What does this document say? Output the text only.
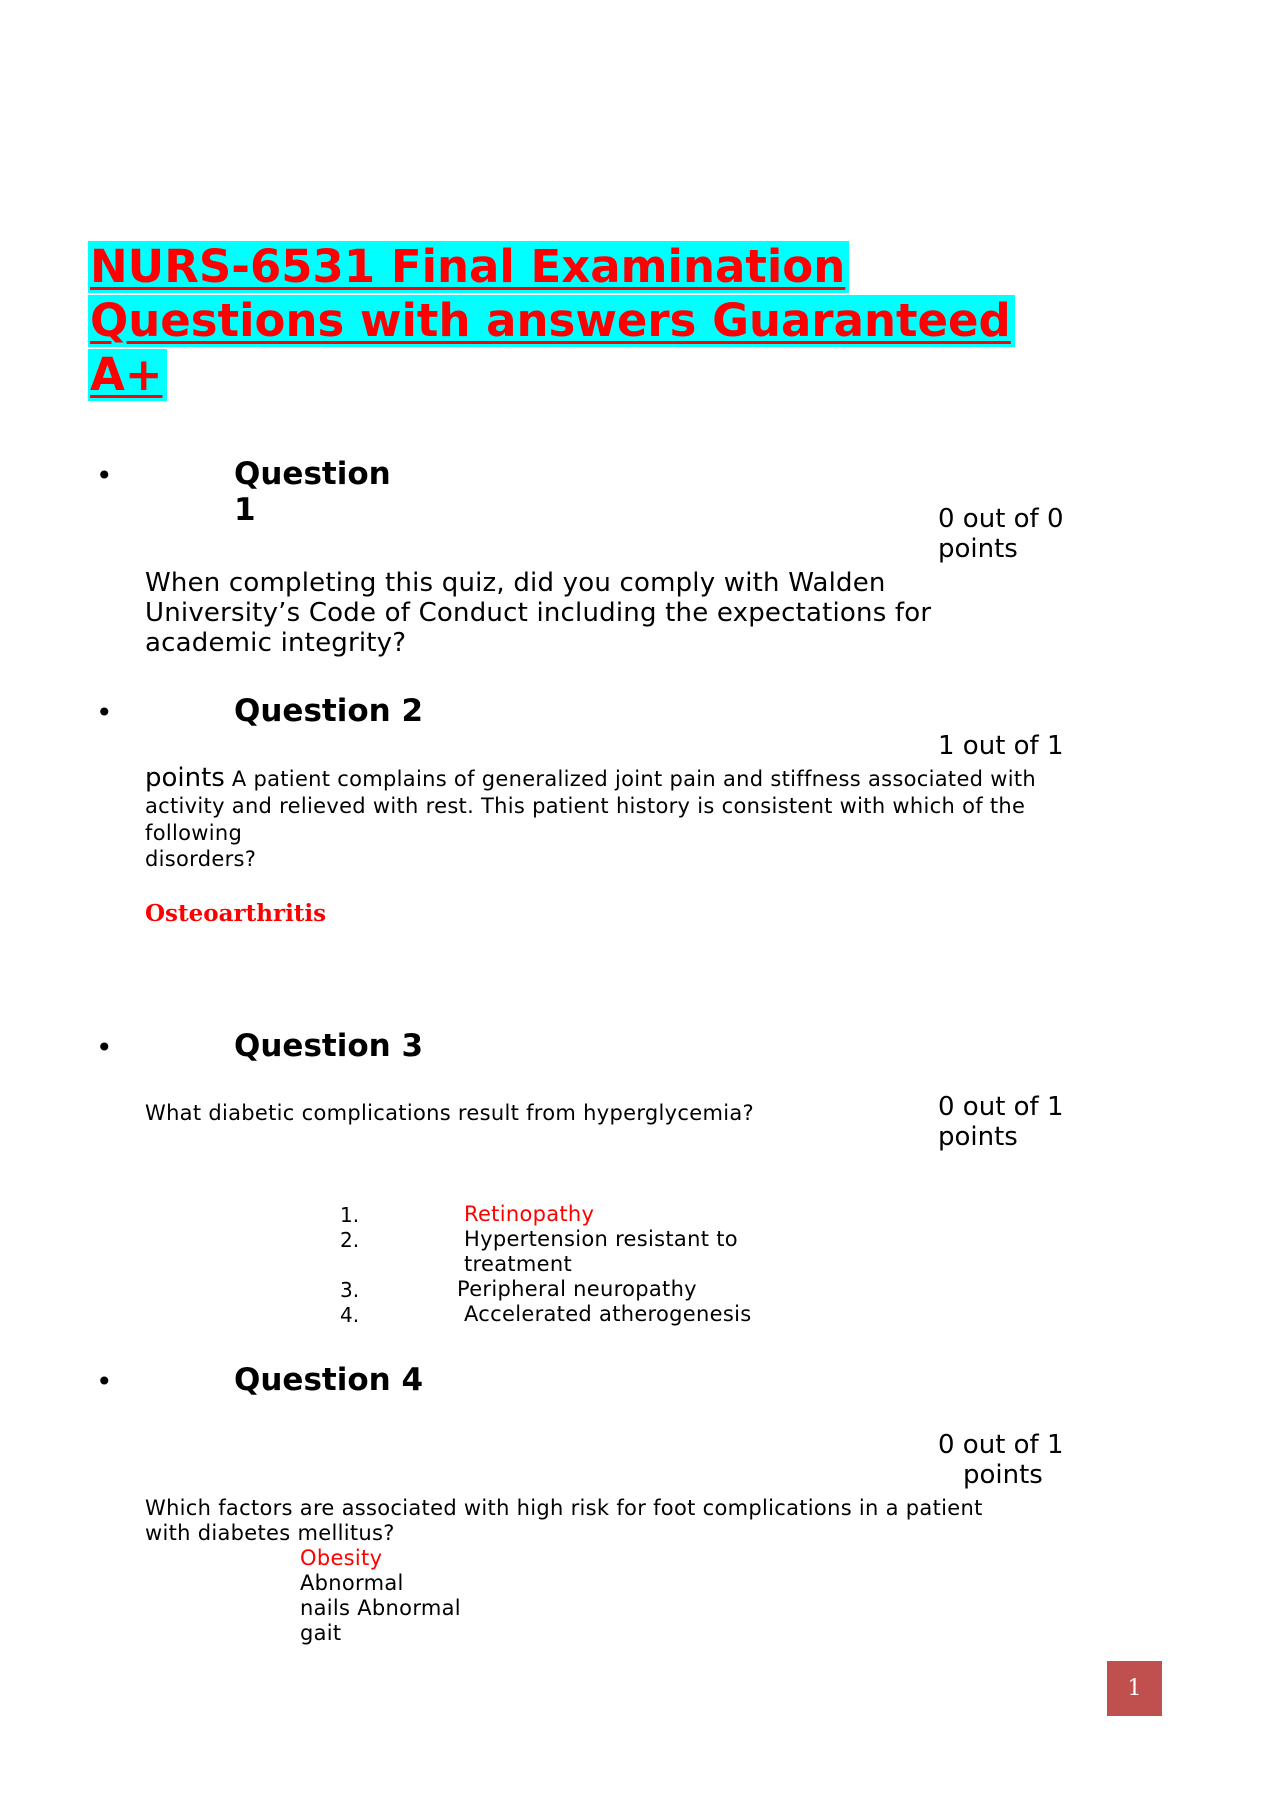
NURS-6531 Final Examination
Questions with answers Guaranteed
A+
•	Question
1	0 out of 0
points
When completing this quiz, did you comply with Walden
University’s Code of Conduct including the expectations for
academic integrity?
•	Question 2
1 out of 1
points A patient complains of generalized joint pain and stiffness associated with
activity and relieved with rest. This patient history is consistent with which of the
following
disorders?
Osteoarthritis
•	Question 3
0 out of 1
points
What diabetic complications result from hyperglycemia?
1.	Retinopathy
2.	Hypertension resistant to
treatment
3.	Peripheral neuropathy
4.	Accelerated atherogenesis
•	Question 4
0 out of 1
points
Which factors are associated with high risk for foot complications in a patient
with diabetes mellitus?
Obesity
Abnormal
nails Abnormal
gait
1
